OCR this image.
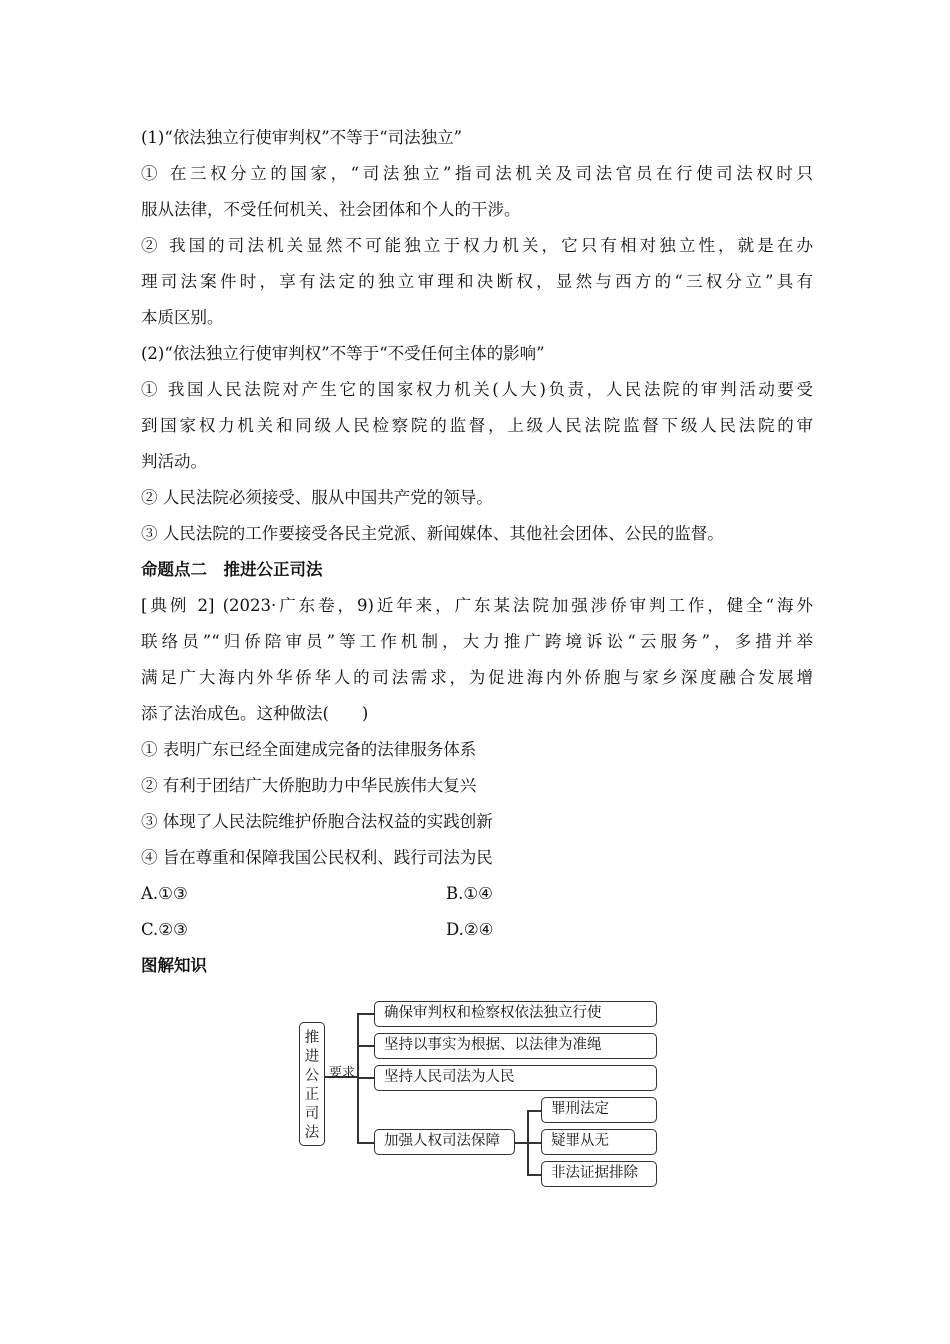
(1)“依法独立行使审判权”不等于“司法独立”

① 在三权分立的国家，“司法独立”指司法机关及司法官员在行使司法权时只

服从法律，不受任何机关、社会团体和个人的干涉。

② 我国的司法机关显然不可能独立于权力机关，它只有相对独立性，就是在办

理司法案件时，享有法定的独立审理和决断权，显然与西方的“三权分立”具有

本质区别。

(2)“依法独立行使审判权”不等于“不受任何主体的影响”

① 我国人民法院对产生它的国家权力机关(人大)负责，人民法院的审判活动要受

到国家权力机关和同级人民检察院的监督，上级人民法院监督下级人民法院的审

判活动。

② 人民法院必须接受、服从中国共产党的领导。

③ 人民法院的工作要接受各民主党派、新闻媒体、其他社会团体、公民的监督。

命题点二　推进公正司法

[典例 2] (2023·广东卷，9)近年来，广东某法院加强涉侨审判工作，健全“海外

联络员”“归侨陪审员”等工作机制，大力推广跨境诉讼“云服务”，多措并举

满足广大海内外华侨华人的司法需求，为促进海内外侨胞与家乡深度融合发展增

添了法治成色。这种做法(　　)

① 表明广东已经全面建成完备的法律服务体系

② 有利于团结广大侨胞助力中华民族伟大复兴

③ 体现了人民法院维护侨胞合法权益的实践创新

④ 旨在尊重和保障我国公民权利、践行司法为民

A.①③	B.①④
C.②③	D.②④

图解知识

推
进
公
正
司
法
要求
确保审判权和检察权依法独立行使
坚持以事实为根据、以法律为准绳
坚持人民司法为人民
加强人权司法保障
罪刑法定
疑罪从无
非法证据排除
